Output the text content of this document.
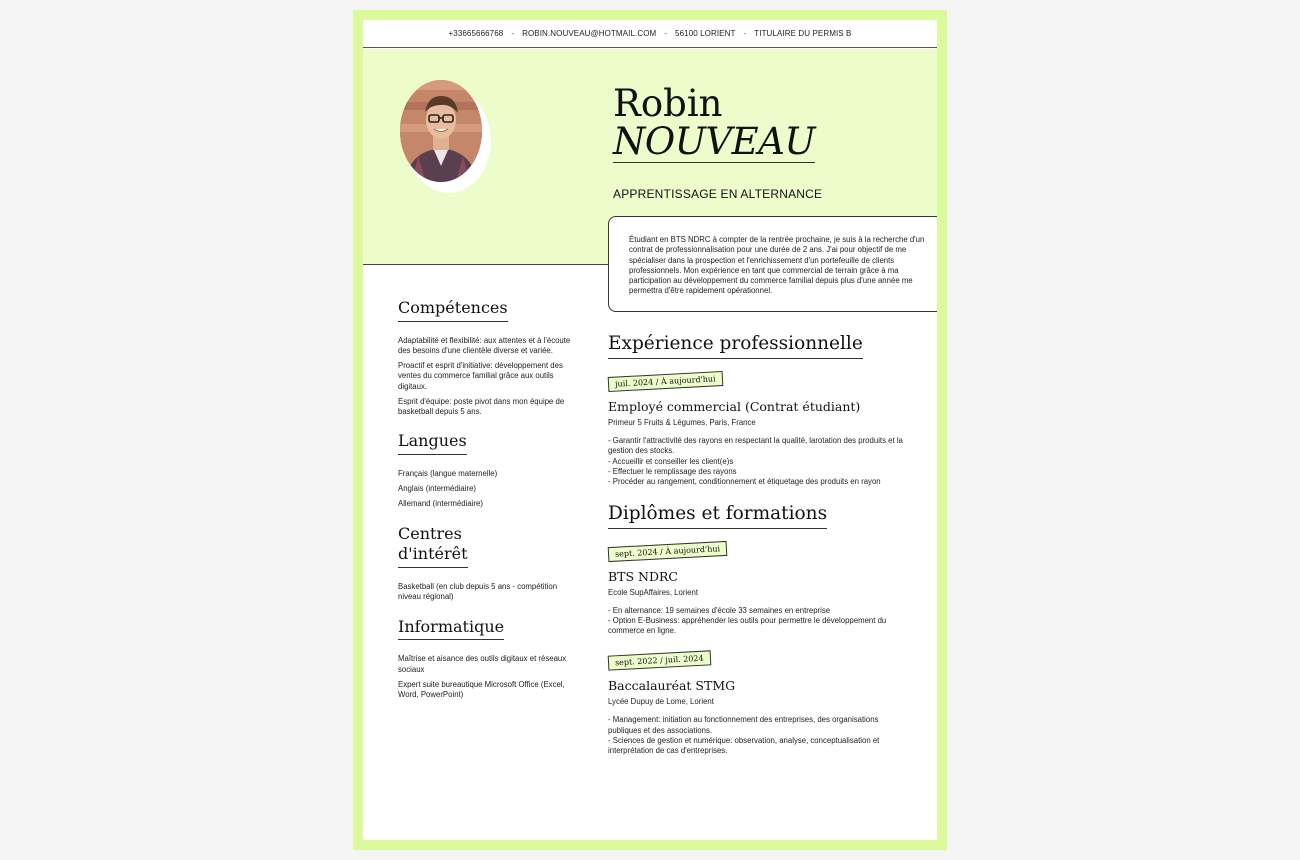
+33665666768 - ROBIN.NOUVEAU@HOTMAIL.COM - 56100 LORIENT - TITULAIRE DU PERMIS B
Robin
NOUVEAU
APPRENTISSAGE EN ALTERNANCE

Étudiant en BTS NDRC à compter de la rentrée prochaine, je suis à la recherche d'un contrat de professionnalisation pour une durée de 2 ans. J'ai pour objectif de me spécialiser dans la prospection et l'enrichissement d'un portefeuille de clients professionnels. Mon expérience en tant que commercial de terrain grâce à ma participation au développement du commerce familial depuis plus d'une année me permettra d'être rapidement opérationnel.

Compétences

Adaptabilité et flexibilité: aux attentes et à l'écoute des besoins d'une clientèle diverse et variée.

Proactif et esprit d'initiative: développement des ventes du commerce familial grâce aux outils digitaux.

Esprit d'équipe: poste pivot dans mon équipe de basketball depuis 5 ans.

Langues

Français (langue maternelle)

Anglais (intermédiaire)

Allemand (intermédiaire)

Centres d'intérêt

Basketball (en club depuis 5 ans - compétition niveau régional)

Informatique

Maîtrise et aisance des outils digitaux et réseaux sociaux

Expert suite bureautique Microsoft Office (Excel, Word, PowerPoint)

Expérience professionnelle
juil. 2024 / À aujourd'hui
Employé commercial (Contrat étudiant)
Primeur 5 Fruits & Légumes, Paris, France
- Garantir l'attractivité des rayons en respectant la qualité, larotation des produits et la gestion des stocks.
- Accueillir et conseiller les client(e)s
- Effectuer le remplissage des rayons
- Procéder au rangement, conditionnement et étiquetage des produits en rayon
Diplômes et formations
sept. 2024 / À aujourd'hui
BTS NDRC
Ecole SupAffaires, Lorient
- En alternance: 19 semaines d'école 33 semaines en entreprise
- Option E-Business: appréhender les outils pour permettre le développement du commerce en ligne.
sept. 2022 / juil. 2024
Baccalauréat STMG
Lycée Dupuy de Lome, Lorient
- Management: initiation au fonctionnement des entreprises, des organisations publiques et des associations.
- Sciences de gestion et numérique: observation, analyse, conceptualisation et interprétation de cas d'entreprises.
